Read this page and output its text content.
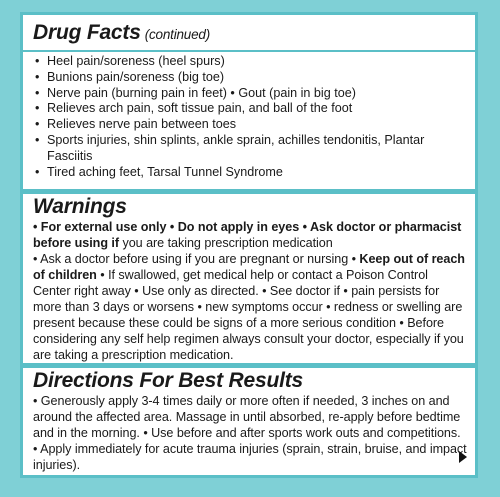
Drug Facts (continued)
• Heel pain/soreness (heel spurs)
• Bunions pain/soreness (big toe)
• Nerve pain (burning pain in feet) • Gout (pain in big toe)
• Relieves arch pain, soft tissue pain, and ball of the foot
• Relieves nerve pain between toes
• Sports injuries, shin splints, ankle sprain, achilles tendonitis, Plantar Fasciitis
• Tired aching feet, Tarsal Tunnel Syndrome
Warnings
• For external use only • Do not apply in eyes • Ask doctor or pharmacist before using if you are taking prescription medication
• Ask a doctor before using if you are pregnant or nursing • Keep out of reach of children • If swallowed, get medical help or contact a Poison Control Center right away • Use only as directed. • See doctor if • pain persists for more than 3 days or worsens • new symptoms occur • redness or swelling are present because these could be signs of a more serious condition • Before considering any self help regimen always consult your doctor, especially if you are taking a prescription medication.
Directions For Best Results
• Generously apply 3-4 times daily or more often if needed, 3 inches on and around the affected area. Massage in until absorbed, re-apply before bedtime and in the morning. • Use before and after sports work outs and competitions. • Apply immediately for acute trauma injuries (sprain, strain, bruise, and impact injuries).
